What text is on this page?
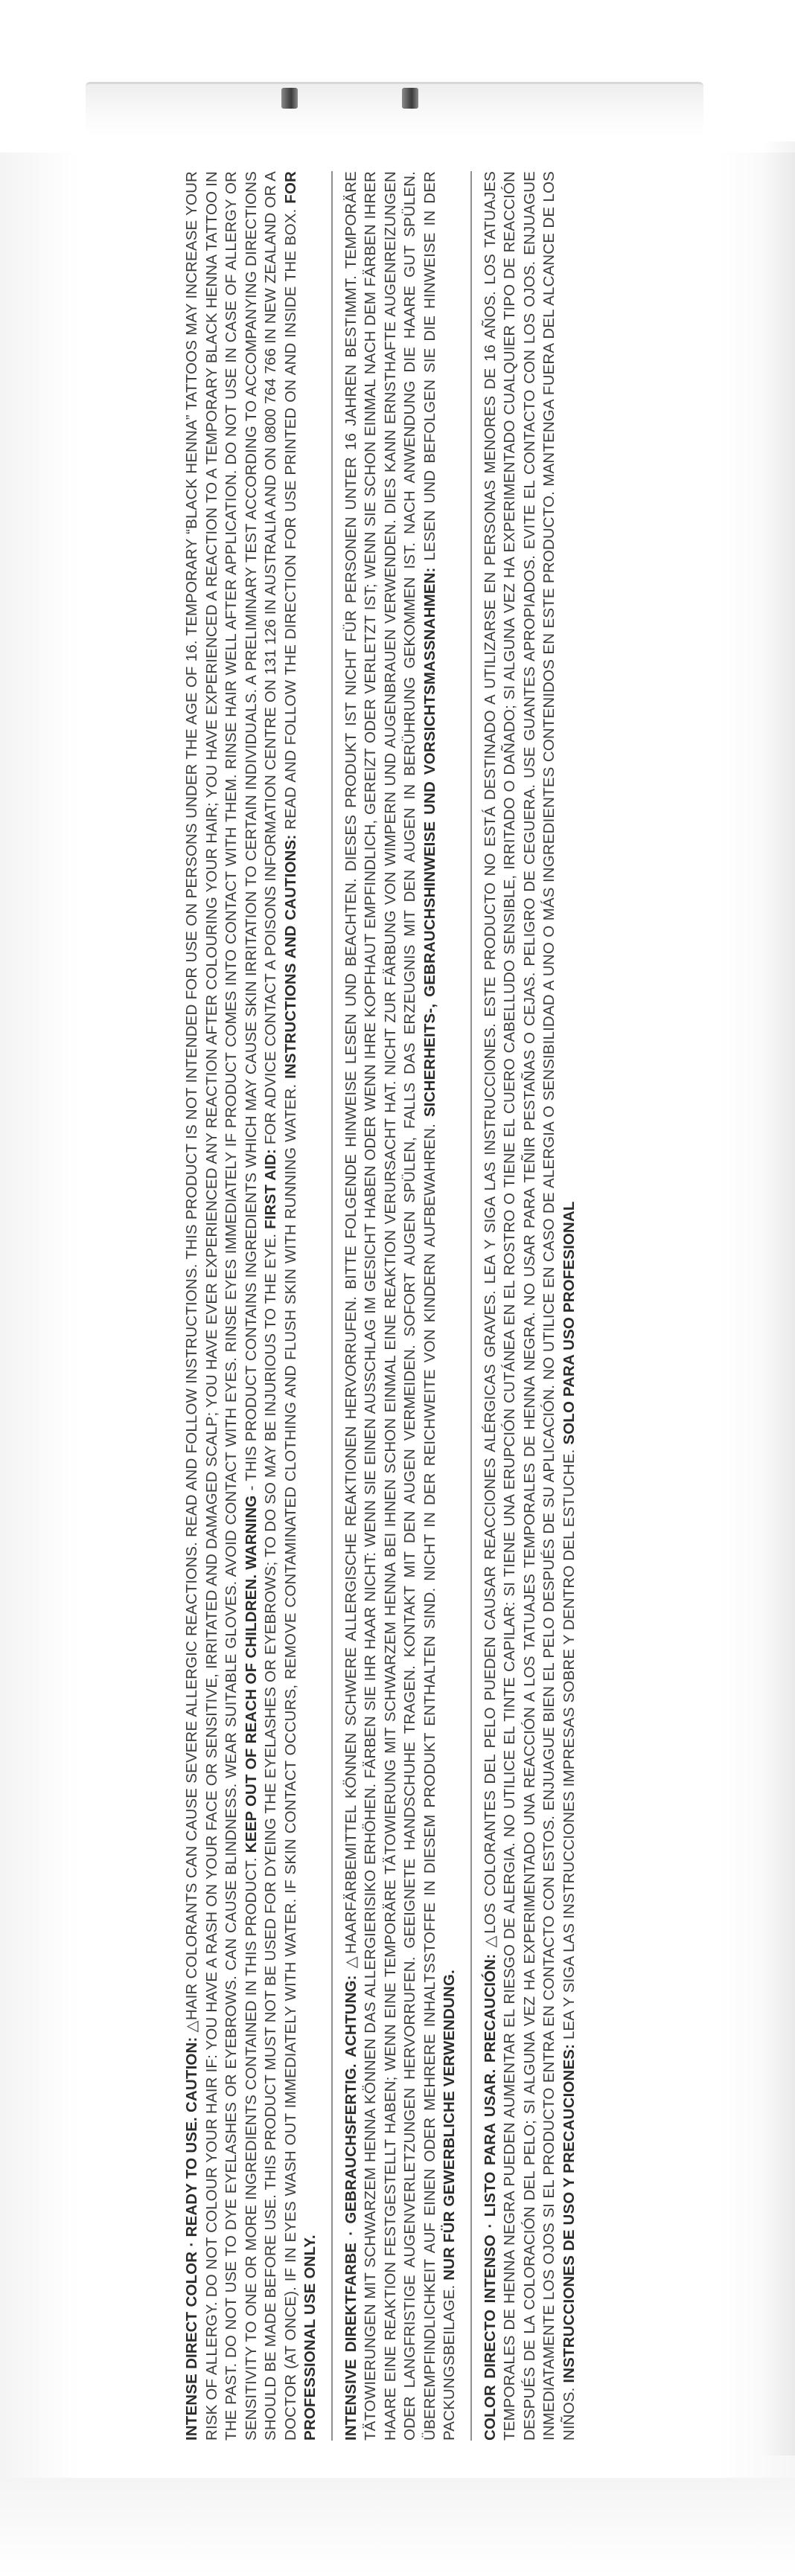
INTENSE DIRECT COLOR · READY TO USE. CAUTION: △HAIR COLORANTS CAN CAUSE SEVERE ALLERGIC REACTIONS. READ AND FOLLOW INSTRUCTIONS. THIS PRODUCT IS NOT INTENDED FOR USE ON PERSONS UNDER THE AGE OF 16. TEMPORARY “BLACK HENNA” TATTOOS MAY INCREASE YOUR RISK OF ALLERGY. DO NOT COLOUR YOUR HAIR IF: YOU HAVE A RASH ON YOUR FACE OR SENSITIVE, IRRITATED AND DAMAGED SCALP; YOU HAVE EVER EXPERIENCED ANY REACTION AFTER COLOURING YOUR HAIR; YOU HAVE EXPERIENCED A REACTION TO A TEMPORARY BLACK HENNA TATTOO IN THE PAST. DO NOT USE TO DYE EYELASHES OR EYEBROWS. CAN CAUSE BLINDNESS. WEAR SUITABLE GLOVES. AVOID CONTACT WITH EYES. RINSE EYES IMMEDIATELY IF PRODUCT COMES INTO CONTACT WITH THEM. RINSE HAIR WELL AFTER APPLICATION. DO NOT USE IN CASE OF ALLERGY OR SENSITIVITY TO ONE OR MORE INGREDIENTS CONTAINED IN THIS PRODUCT. KEEP OUT OF REACH OF CHILDREN. WARNING - THIS PRODUCT CONTAINS INGREDIENTS WHICH MAY CAUSE SKIN IRRITATION TO CERTAIN INDIVIDUALS. A PRELIMINARY TEST ACCORDING TO ACCOMPANYING DIRECTIONS SHOULD BE MADE BEFORE USE. THIS PRODUCT MUST NOT BE USED FOR DYEING THE EYELASHES OR EYEBROWS; TO DO SO MAY BE INJURIOUS TO THE EYE. FIRST AID: FOR ADVICE CONTACT A POISONS INFORMATION CENTRE ON 131 126 IN AUSTRALIA AND ON 0800 764 766 IN NEW ZEALAND OR A DOCTOR (AT ONCE). IF IN EYES WASH OUT IMMEDIATELY WITH WATER. IF SKIN CONTACT OCCURS, REMOVE CONTAMINATED CLOTHING AND FLUSH SKIN WITH RUNNING WATER. INSTRUCTIONS AND CAUTIONS: READ AND FOLLOW THE DIRECTION FOR USE PRINTED ON AND INSIDE THE BOX. FOR PROFESSIONAL USE ONLY. INTENSIVE DIREKTFARBE · GEBRAUCHSFERTIG. ACHTUNG: △HAARFÄRBEMITTEL KÖNNEN SCHWERE ALLERGISCHE REAKTIONEN HERVORRUFEN. BITTE FOLGENDE HINWEISE LESEN UND BEACHTEN. DIESES PRODUKT IST NICHT FÜR PERSONEN UNTER 16 JAHREN BESTIMMT. TEMPORÄRE TÄTOWIERUNGEN MIT SCHWARZEM HENNA KÖNNEN DAS ALLERGIERISIKO ERHÖHEN. FÄRBEN SIE IHR HAAR NICHT: WENN SIE EINEN AUSSCHLAG IM GESICHT HABEN ODER WENN IHRE KOPFHAUT EMPFINDLICH, GEREIZT ODER VERLETZT IST; WENN SIE SCHON EINMAL NACH DEM FÄRBEN IHRER HAARE EINE REAKTION FESTGESTELLT HABEN; WENN EINE TEMPORÄRE TÄTOWIERUNG MIT SCHWARZEM HENNA BEI IHNEN SCHON EINMAL EINE REAKTION VERURSACHT HAT. NICHT ZUR FÄRBUNG VON WIMPERN UND AUGENBRAUEN VERWENDEN. DIES KANN ERNSTHAFTE AUGENREIZUNGEN ODER LANGFRISTIGE AUGENVERLETZUNGEN HERVORRUFEN. GEEIGNETE HANDSCHUHE TRAGEN. KONTAKT MIT DEN AUGEN VERMEIDEN. SOFORT AUGEN SPÜLEN, FALLS DAS ERZEUGNIS MIT DEN AUGEN IN BERÜHRUNG GEKOMMEN IST. NACH ANWENDUNG DIE HAARE GUT SPÜLEN. ÜBEREMPFINDLICHKEIT AUF EINEN ODER MEHRERE INHALTSSTOFFE IN DIESEM PRODUKT ENTHALTEN SIND. NICHT IN DER REICHWEITE VON KINDERN AUFBEWAHREN. SICHERHEITS-, GEBRAUCHSHINWEISE UND VORSICHTSMASSNAHMEN: LESEN UND BEFOLGEN SIE DIE HINWEISE IN DER PACKUNGSBEILAGE. NUR FÜR GEWERBLICHE VERWENDUNG. COLOR DIRECTO INTENSO · LISTO PARA USAR. PRECAUCIÓN: △LOS COLORANTES DEL PELO PUEDEN CAUSAR REACCIONES ALÉRGICAS GRAVES. LEA Y SIGA LAS INSTRUCCIONES. ESTE PRODUCTO NO ESTÁ DESTINADO A UTILIZARSE EN PERSONAS MENORES DE 16 AÑOS. LOS TATUAJES TEMPORALES DE HENNA NEGRA PUEDEN AUMENTAR EL RIESGO DE ALERGIA. NO UTILICE EL TINTE CAPILAR: SI TIENE UNA ERUPCIÓN CUTÁNEA EN EL ROSTRO O TIENE EL CUERO CABELLUDO SENSIBLE, IRRITADO O DAÑADO; SI ALGUNA VEZ HA EXPERIMENTADO CUALQUIER TIPO DE REACCIÓN DESPUÉS DE LA COLORACIÓN DEL PELO; SI ALGUNA VEZ HA EXPERIMENTADO UNA REACCIÓN A LOS TATUAJES TEMPORALES DE HENNA NEGRA. NO USAR PARA TEÑIR PESTAÑAS O CEJAS. PELIGRO DE CEGUERA. USE GUANTES APROPIADOS. EVITE EL CONTACTO CON LOS OJOS. ENJUAGUE INMEDIATAMENTE LOS OJOS SI EL PRODUCTO ENTRA EN CONTACTO CON ESTOS. ENJUAGUE BIEN EL PELO DESPUÉS DE SU APLICACIÓN. NO UTILICE EN CASO DE ALERGIA O SENSIBILIDAD A UNO O MÁS INGREDIENTES CONTENIDOS EN ESTE PRODUCTO. MANTENGA FUERA DEL ALCANCE DE LOS NIÑOS. INSTRUCCIONES DE USO Y PRECAUCIONES: LEA Y SIGA LAS INSTRUCCIONES IMPRESAS SOBRE Y DENTRO DEL ESTUCHE. SOLO PARA USO PROFESIONAL
